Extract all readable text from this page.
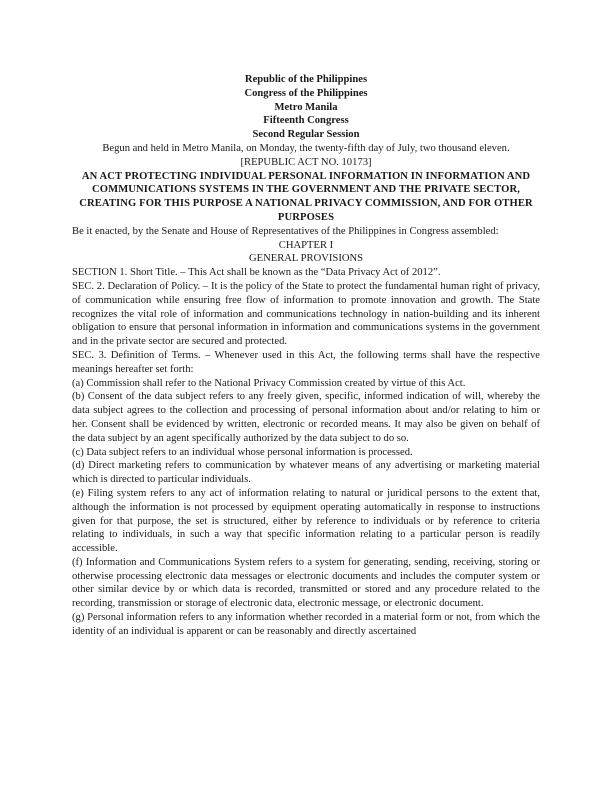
Republic of the Philippines
Congress of the Philippines
Metro Manila
Fifteenth Congress
Second Regular Session
Begun and held in Metro Manila, on Monday, the twenty-fifth day of July, two thousand eleven.
[REPUBLIC ACT NO. 10173]
AN ACT PROTECTING INDIVIDUAL PERSONAL INFORMATION IN INFORMATION AND COMMUNICATIONS SYSTEMS IN THE GOVERNMENT AND THE PRIVATE SECTOR, CREATING FOR THIS PURPOSE A NATIONAL PRIVACY COMMISSION, AND FOR OTHER PURPOSES

Be it enacted, by the Senate and House of Representatives of the Philippines in Congress assembled:

CHAPTER I
GENERAL PROVISIONS

SECTION 1. Short Title. – This Act shall be known as the “Data Privacy Act of 2012”.

SEC. 2. Declaration of Policy. – It is the policy of the State to protect the fundamental human right of privacy, of communication while ensuring free flow of information to promote innovation and growth. The State recognizes the vital role of information and communications technology in nation-building and its inherent obligation to ensure that personal information in information and communications systems in the government and in the private sector are secured and protected.

SEC. 3. Definition of Terms. – Whenever used in this Act, the following terms shall have the respective meanings hereafter set forth:

(a) Commission shall refer to the National Privacy Commission created by virtue of this Act.

(b) Consent of the data subject refers to any freely given, specific, informed indication of will, whereby the data subject agrees to the collection and processing of personal information about and/or relating to him or her. Consent shall be evidenced by written, electronic or recorded means. It may also be given on behalf of the data subject by an agent specifically authorized by the data subject to do so.

(c) Data subject refers to an individual whose personal information is processed.

(d) Direct marketing refers to communication by whatever means of any advertising or marketing material which is directed to particular individuals.

(e) Filing system refers to any act of information relating to natural or juridical persons to the extent that, although the information is not processed by equipment operating automatically in response to instructions given for that purpose, the set is structured, either by reference to individuals or by reference to criteria relating to individuals, in such a way that specific information relating to a particular person is readily accessible.

(f) Information and Communications System refers to a system for generating, sending, receiving, storing or otherwise processing electronic data messages or electronic documents and includes the computer system or other similar device by or which data is recorded, transmitted or stored and any procedure related to the recording, transmission or storage of electronic data, electronic message, or electronic document.

(g) Personal information refers to any information whether recorded in a material form or not, from which the identity of an individual is apparent or can be reasonably and directly ascertained
